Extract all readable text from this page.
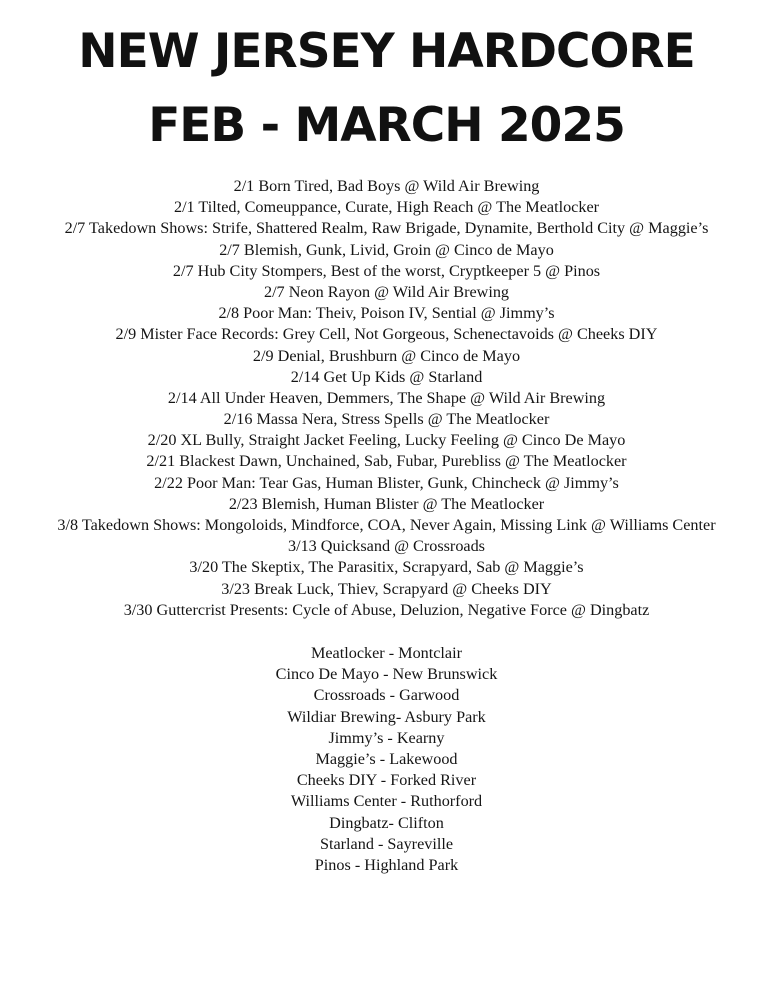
NEW JERSEY HARDCORE
FEB - MARCH 2025
2/1 Born Tired, Bad Boys @ Wild Air Brewing
2/1 Tilted, Comeuppance, Curate, High Reach @ The Meatlocker
2/7 Takedown Shows: Strife, Shattered Realm, Raw Brigade, Dynamite, Berthold City @ Maggie’s
2/7 Blemish, Gunk, Livid, Groin @ Cinco de Mayo
2/7 Hub City Stompers, Best of the worst, Cryptkeeper 5 @ Pinos
2/7 Neon Rayon @ Wild Air Brewing
2/8 Poor Man: Theiv, Poison IV, Sential @ Jimmy’s
2/9 Mister Face Records: Grey Cell, Not Gorgeous, Schenectavoids @ Cheeks DIY
2/9 Denial, Brushburn @ Cinco de Mayo
2/14 Get Up Kids @ Starland
2/14 All Under Heaven, Demmers, The Shape @ Wild Air Brewing
2/16 Massa Nera, Stress Spells @ The Meatlocker
2/20 XL Bully, Straight Jacket Feeling, Lucky Feeling @ Cinco De Mayo
2/21 Blackest Dawn, Unchained, Sab, Fubar, Purebliss @ The Meatlocker
2/22 Poor Man: Tear Gas, Human Blister, Gunk, Chincheck @ Jimmy’s
2/23 Blemish, Human Blister @ The Meatlocker
3/8 Takedown Shows: Mongoloids, Mindforce, COA, Never Again, Missing Link @ Williams Center
3/13 Quicksand @ Crossroads
3/20 The Skeptix, The Parasitix, Scrapyard, Sab @ Maggie’s
3/23 Break Luck, Thiev, Scrapyard @ Cheeks DIY
3/30 Guttercrist Presents: Cycle of Abuse, Deluzion, Negative Force @ Dingbatz
Meatlocker - Montclair
Cinco De Mayo - New Brunswick
Crossroads - Garwood
Wildiar Brewing- Asbury Park
Jimmy’s - Kearny
Maggie’s - Lakewood
Cheeks DIY - Forked River
Williams Center - Ruthorford
Dingbatz- Clifton
Starland - Sayreville
Pinos - Highland Park
